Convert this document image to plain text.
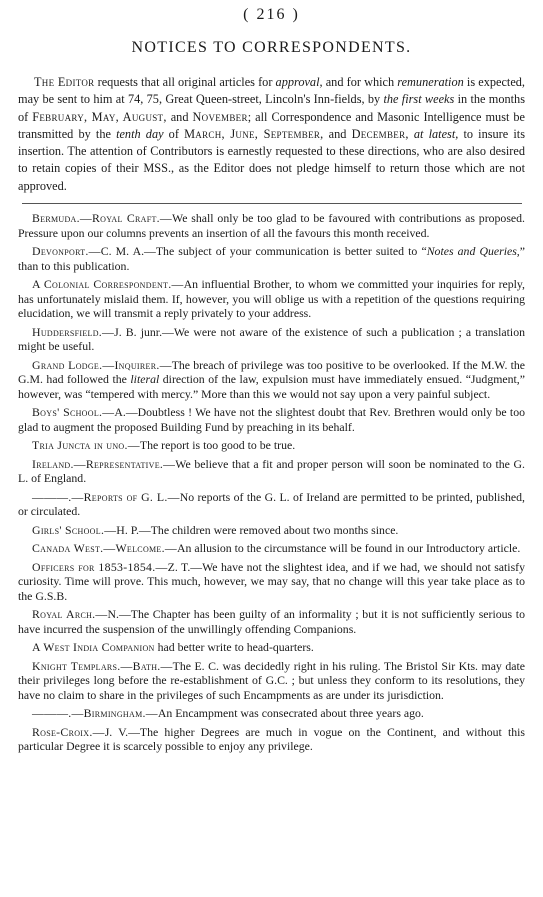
( 216 )
NOTICES TO CORRESPONDENTS.

The Editor requests that all original articles for approval, and for which remuneration is expected, may be sent to him at 74, 75, Great Queen-street, Lincoln's Inn-fields, by the first weeks in the months of February, May, August, and November; all Correspondence and Masonic Intelligence must be transmitted by the tenth day of March, June, September, and December, at latest, to insure its insertion. The attention of Contributors is earnestly requested to these directions, who are also desired to retain copies of their MSS., as the Editor does not pledge himself to return those which are not approved.

Bermuda.—Royal Craft.—We shall only be too glad to be favoured with contributions as proposed. Pressure upon our columns prevents an insertion of all the favours this month received.

Devonport.—C. M. A.—The subject of your communication is better suited to “Notes and Queries,” than to this publication.

A Colonial Correspondent.—An influential Brother, to whom we committed your inquiries for reply, has unfortunately mislaid them. If, however, you will oblige us with a repetition of the questions requiring elucidation, we will transmit a reply privately to your address.

Huddersfield.—J. B. junr.—We were not aware of the existence of such a publication ; a translation might be useful.

Grand Lodge.—Inquirer.—The breach of privilege was too positive to be overlooked. If the M.W. the G.M. had followed the literal direction of the law, expulsion must have immediately ensued. “Judgment,” however, was “tempered with mercy.” More than this we would not say upon a very painful subject.

Boys' School.—A.—Doubtless ! We have not the slightest doubt that Rev. Brethren would only be too glad to augment the proposed Building Fund by preaching in its behalf.

Tria Juncta in uno.—The report is too good to be true.

Ireland.—Representative.—We believe that a fit and proper person will soon be nominated to the G. L. of England.

———.—Reports of G. L.—No reports of the G. L. of Ireland are permitted to be printed, published, or circulated.

Girls' School.—H. P.—The children were removed about two months since.

Canada West.—Welcome.—An allusion to the circumstance will be found in our Introductory article.

Officers for 1853-1854.—Z. T.—We have not the slightest idea, and if we had, we should not satisfy curiosity. Time will prove. This much, however, we may say, that no change will this year take place as to the G.S.B.

Royal Arch.—N.—The Chapter has been guilty of an informality ; but it is not sufficiently serious to have incurred the suspension of the unwillingly offending Companions.

A West India Companion had better write to head-quarters.

Knight Templars.—Bath.—The E. C. was decidedly right in his ruling. The Bristol Sir Kts. may date their privileges long before the re-establishment of G.C. ; but unless they conform to its resolutions, they have no claim to share in the privileges of such Encampments as are under its jurisdiction.

———.—Birmingham.—An Encampment was consecrated about three years ago.

Rose-Croix.—J. V.—The higher Degrees are much in vogue on the Continent, and without this particular Degree it is scarcely possible to enjoy any privilege.
